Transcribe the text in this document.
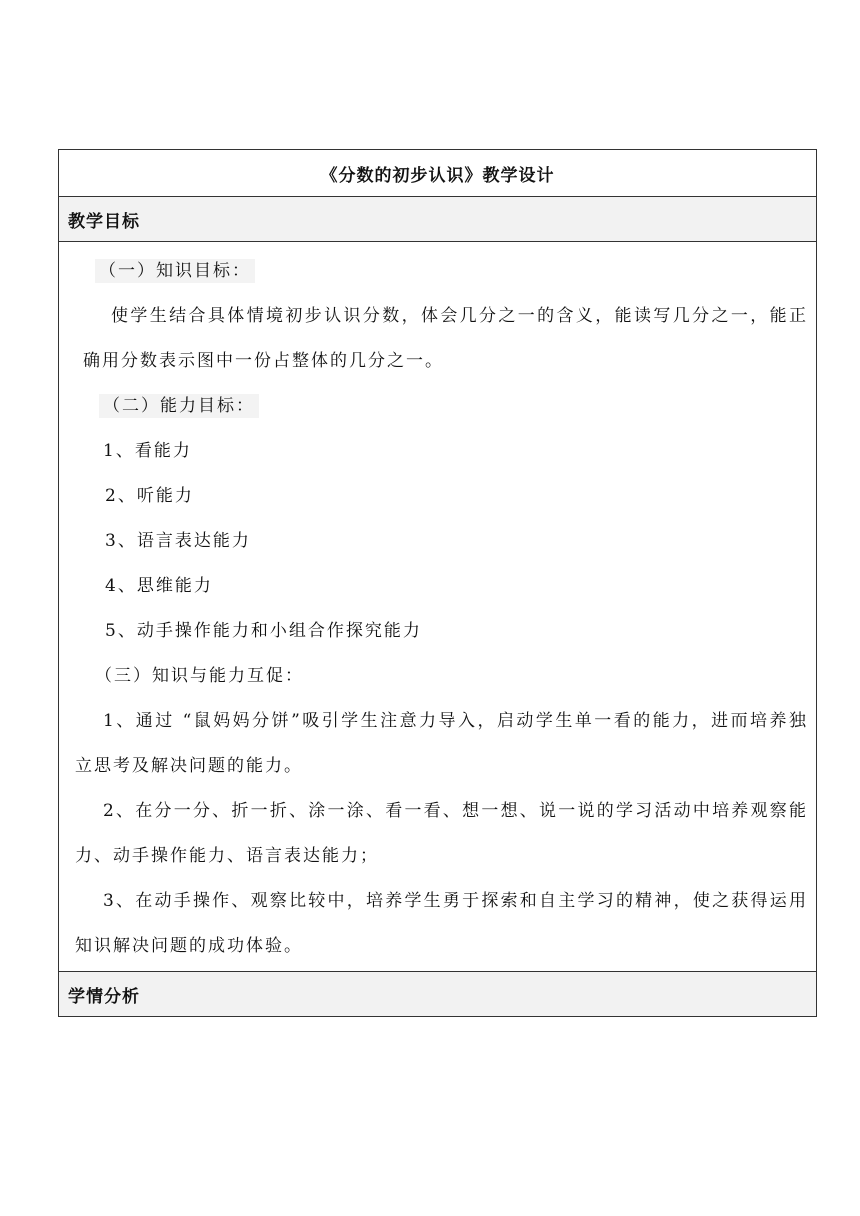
《分数的初步认识》教学设计
教学目标
（一）知识目标：
使学生结合具体情境初步认识分数，体会几分之一的含义，能读写几分之一，能正确用分数表示图中一份占整体的几分之一。
（二）能力目标：
1、看能力
2、听能力
3、语言表达能力
4、思维能力
5、动手操作能力和小组合作探究能力
（三）知识与能力互促：
1、通过 “鼠妈妈分饼”吸引学生注意力导入，启动学生单一看的能力，进而培养独立思考及解决问题的能力。
2、在分一分、折一折、涂一涂、看一看、想一想、说一说的学习活动中培养观察能力、动手操作能力、语言表达能力；
3、在动手操作、观察比较中，培养学生勇于探索和自主学习的精神，使之获得运用知识解决问题的成功体验。
学情分析
